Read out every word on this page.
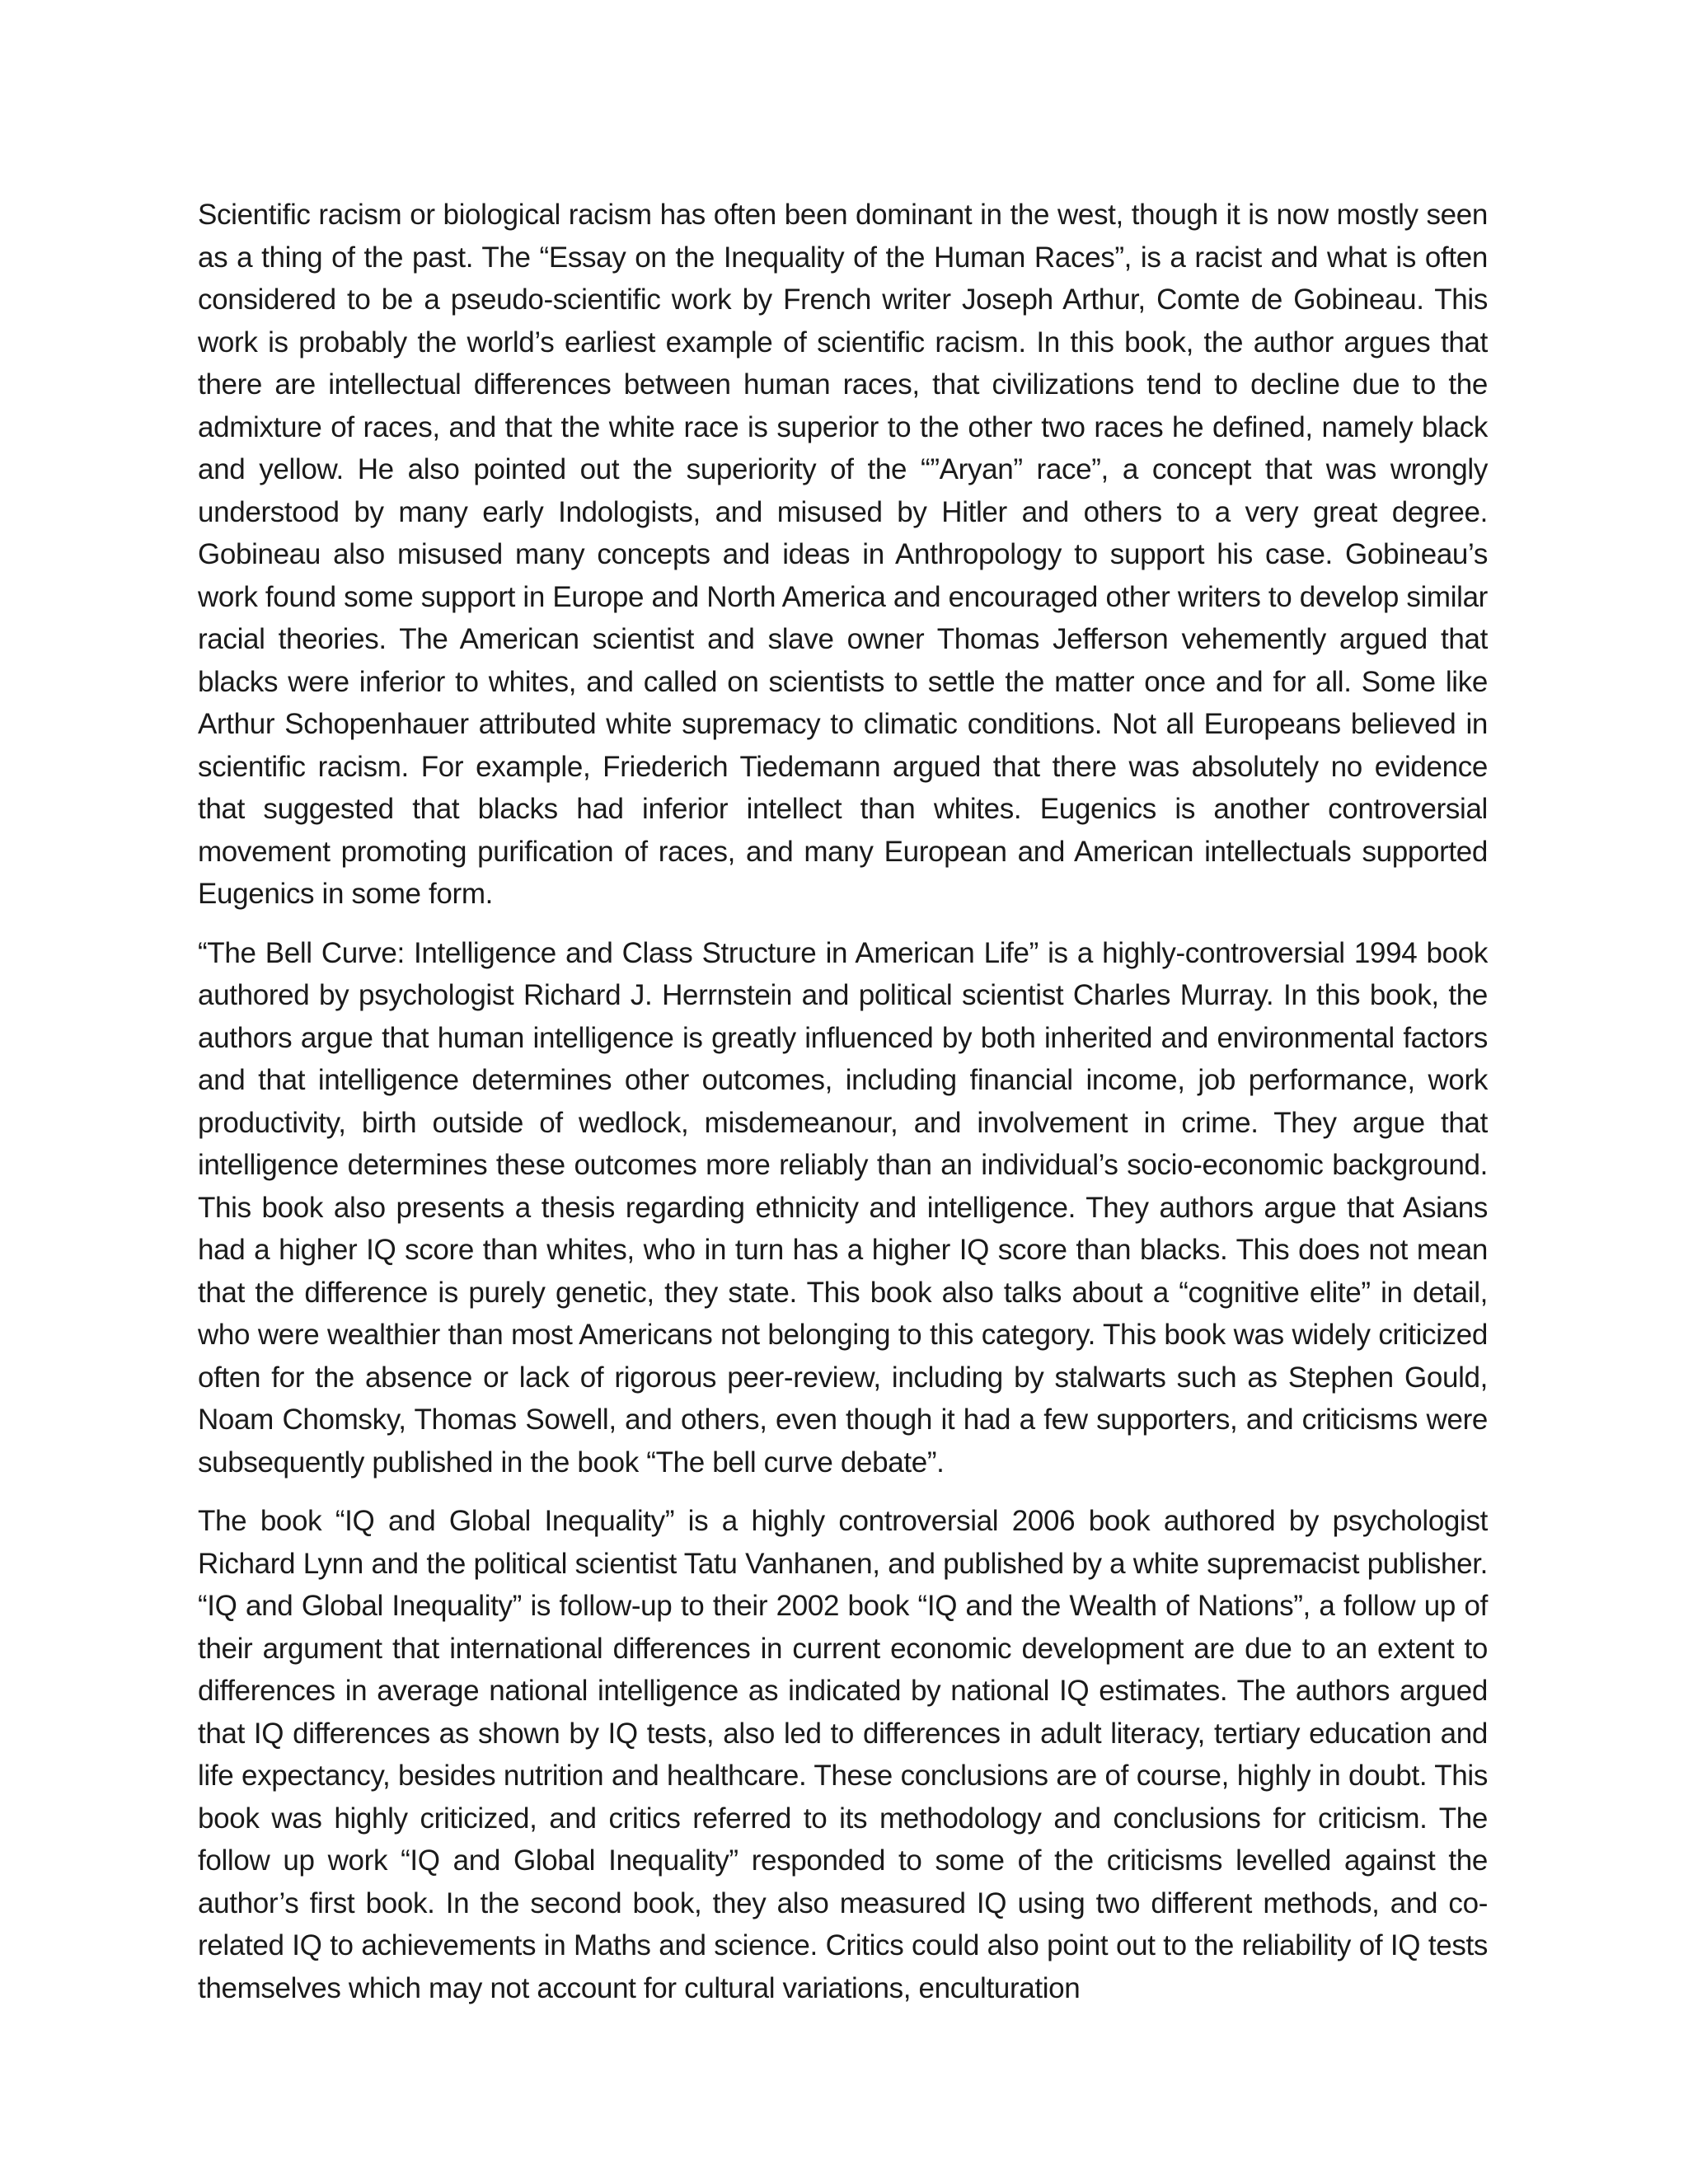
Scientific racism or biological racism has often been dominant in the west, though it is now mostly seen as a thing of the past. The “Essay on the Inequality of the Human Races”, is a racist and what is often considered to be a pseudo-scientific work by French writer Joseph Arthur, Comte de Gobineau. This work is probably the world’s earliest example of scientific racism. In this book, the author argues that there are intellectual differences between human races, that civilizations tend to decline due to the admixture of races, and that the white race is superior to the other two races he defined, namely black and yellow. He also pointed out the superiority of the “”Aryan” race”, a concept that was wrongly understood by many early Indologists, and misused by Hitler and others to a very great degree. Gobineau also misused many concepts and ideas in Anthropology to support his case. Gobineau’s work found some support in Europe and North America and encouraged other writers to develop similar racial theories. The American scientist and slave owner Thomas Jefferson vehemently argued that blacks were inferior to whites, and called on scientists to settle the matter once and for all. Some like Arthur Schopenhauer attributed white supremacy to climatic conditions. Not all Europeans believed in scientific racism. For example, Friederich Tiedemann argued that there was absolutely no evidence that suggested that blacks had inferior intellect than whites. Eugenics is another controversial movement promoting purification of races, and many European and American intellectuals supported Eugenics in some form.

“The Bell Curve: Intelligence and Class Structure in American Life” is a highly-controversial 1994 book authored by psychologist Richard J. Herrnstein and political scientist Charles Murray. In this book, the authors argue that human intelligence is greatly influenced by both inherited and environmental factors and that intelligence determines other outcomes, including financial income, job performance, work productivity, birth outside of wedlock, misdemeanour, and involvement in crime. They argue that intelligence determines these outcomes more reliably than an individual’s socio-economic background. This book also presents a thesis regarding ethnicity and intelligence. They authors argue that Asians had a higher IQ score than whites, who in turn has a higher IQ score than blacks. This does not mean that the difference is purely genetic, they state. This book also talks about a “cognitive elite” in detail, who were wealthier than most Americans not belonging to this category. This book was widely criticized often for the absence or lack of rigorous peer-review, including by stalwarts such as Stephen Gould, Noam Chomsky, Thomas Sowell, and others, even though it had a few supporters, and criticisms were subsequently published in the book “The bell curve debate”.

The book “IQ and Global Inequality” is a highly controversial 2006 book authored by psychologist Richard Lynn and the political scientist Tatu Vanhanen, and published by a white supremacist publisher. “IQ and Global Inequality” is follow-up to their 2002 book “IQ and the Wealth of Nations”, a follow up of their argument that international differences in current economic development are due to an extent to differences in average national intelligence as indicated by national IQ estimates. The authors argued that IQ differences as shown by IQ tests, also led to differences in adult literacy, tertiary education and life expectancy, besides nutrition and healthcare. These conclusions are of course, highly in doubt. This book was highly criticized, and critics referred to its methodology and conclusions for criticism. The follow up work “IQ and Global Inequality” responded to some of the criticisms levelled against the author’s first book. In the second book, they also measured IQ using two different methods, and co-related IQ to achievements in Maths and science. Critics could also point out to the reliability of IQ tests themselves which may not account for cultural variations, enculturation
